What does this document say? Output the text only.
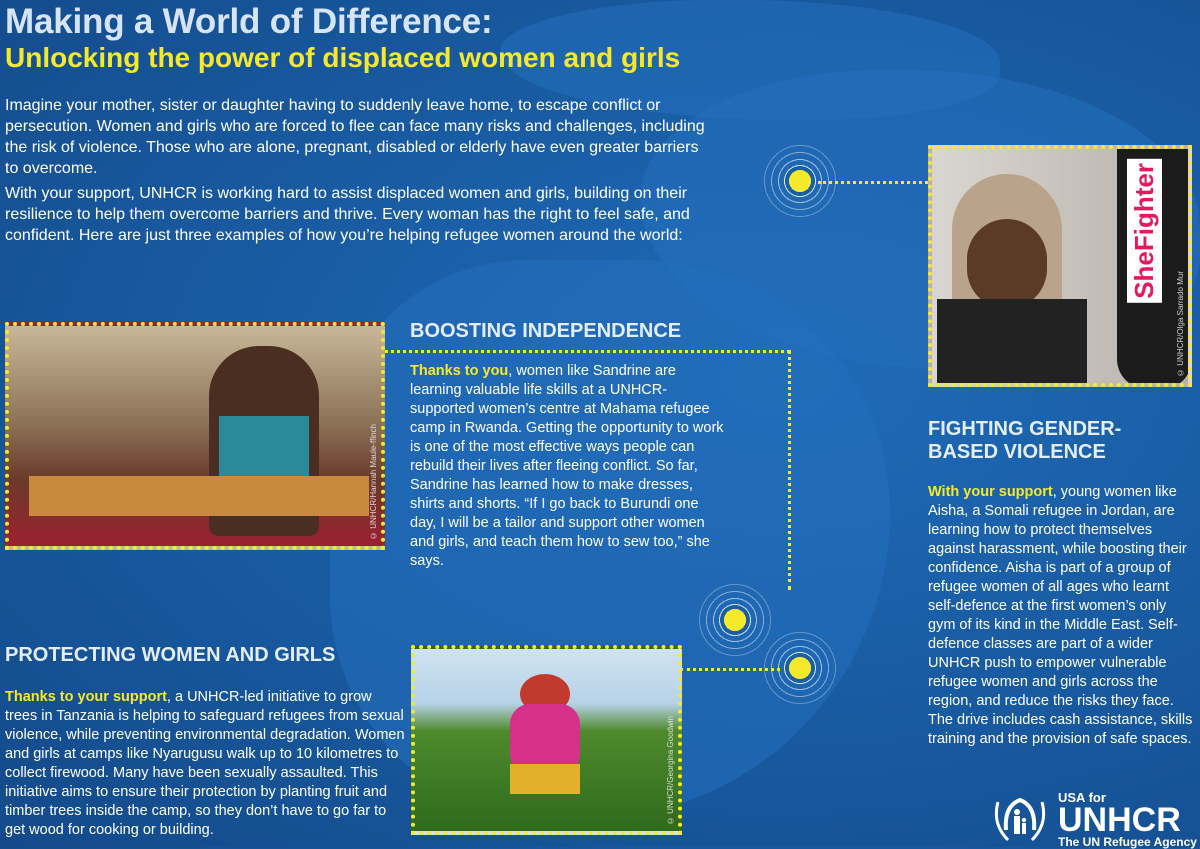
Making a World of Difference:
Unlocking the power of displaced women and girls

Imagine your mother, sister or daughter having to suddenly leave home, to escape conflict or persecution. Women and girls who are forced to flee can face many risks and challenges, including the risk of violence. Those who are alone, pregnant, disabled or elderly have even greater barriers to overcome.

With your support, UNHCR is working hard to assist displaced women and girls, building on their resilience to help them overcome barriers and thrive. Every woman has the right to feel safe, and confident. Here are just three examples of how you’re helping refugee women around the world:

© UNHCR/Hannah Maule-ffinch
BOOSTING INDEPENDENCE
Thanks to you, women like Sandrine are learning valuable life skills at a UNHCR-supported women’s centre at Mahama refugee camp in Rwanda. Getting the opportunity to work is one of the most effective ways people can rebuild their lives after fleeing conflict. So far, Sandrine has learned how to make dresses, shirts and shorts. “If I go back to Burundi one day, I will be a tailor and support other women and girls, and teach them how to sew too,” she says.
SheFighter
© UNHCR/Olga Sarrado Mur
FIGHTING GENDER-BASED VIOLENCE
With your support, young women like Aisha, a Somali refugee in Jordan, are learning how to protect themselves against harassment, while boosting their confidence. Aisha is part of a group of refugee women of all ages who learnt self-defence at the first women’s only gym of its kind in the Middle East. Self-defence classes are part of a wider UNHCR push to empower vulnerable refugee women and girls across the region, and reduce the risks they face. The drive includes cash assistance, skills training and the provision of safe spaces.
PROTECTING WOMEN AND GIRLS
Thanks to your support, a UNHCR-led initiative to grow trees in Tanzania is helping to safeguard refugees from sexual violence, while preventing environmental degradation. Women and girls at camps like Nyarugusu walk up to 10 kilometres to collect firewood. Many have been sexually assaulted. This initiative aims to ensure their protection by planting fruit and timber trees inside the camp, so they don’t have to go far to get wood for cooking or building.
© UNHCR/Georgina Goodwin	USA for
UNHCR
The UN Refugee Agency
